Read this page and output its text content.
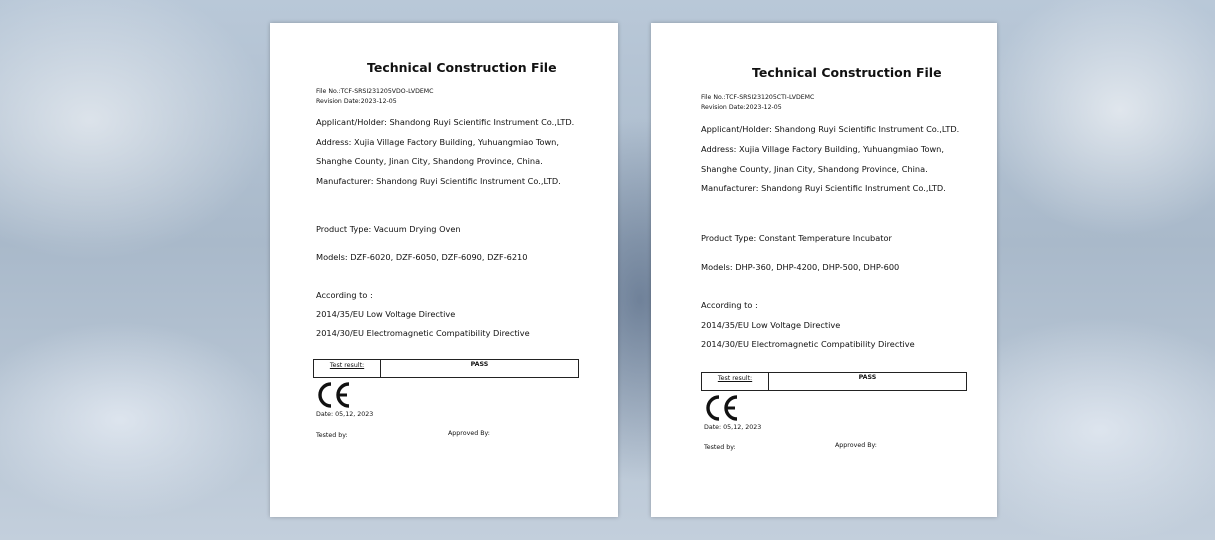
Technical Construction File
File No.:TCF-SRSI231205VDO-LVDEMC
Revision Date:2023-12-05
Applicant/Holder: Shandong Ruyi Scientific Instrument Co.,LTD.
Address: Xujia Village Factory Building, Yuhuangmiao Town,
Shanghe County, Jinan City, Shandong Province, China.
Manufacturer: Shandong Ruyi Scientific Instrument Co.,LTD.
Product Type: Vacuum Drying Oven
Models: DZF-6020, DZF-6050, DZF-6090, DZF-6210
According to :
2014/35/EU Low Voltage Directive
2014/30/EU Electromagnetic Compatibility Directive
Test result:	PASS
Date: 05,12, 2023
Tested by:	Approved By:
Technical Construction File
File No.:TCF-SRSI231205CTI-LVDEMC
Revision Date:2023-12-05
Applicant/Holder: Shandong Ruyi Scientific Instrument Co.,LTD.
Address: Xujia Village Factory Building, Yuhuangmiao Town,
Shanghe County, Jinan City, Shandong Province, China.
Manufacturer: Shandong Ruyi Scientific Instrument Co.,LTD.
Product Type: Constant Temperature Incubator
Models: DHP-360, DHP-4200, DHP-500, DHP-600
According to :
2014/35/EU Low Voltage Directive
2014/30/EU Electromagnetic Compatibility Directive
Test result:	PASS
Date: 05,12, 2023
Tested by:	Approved By:
